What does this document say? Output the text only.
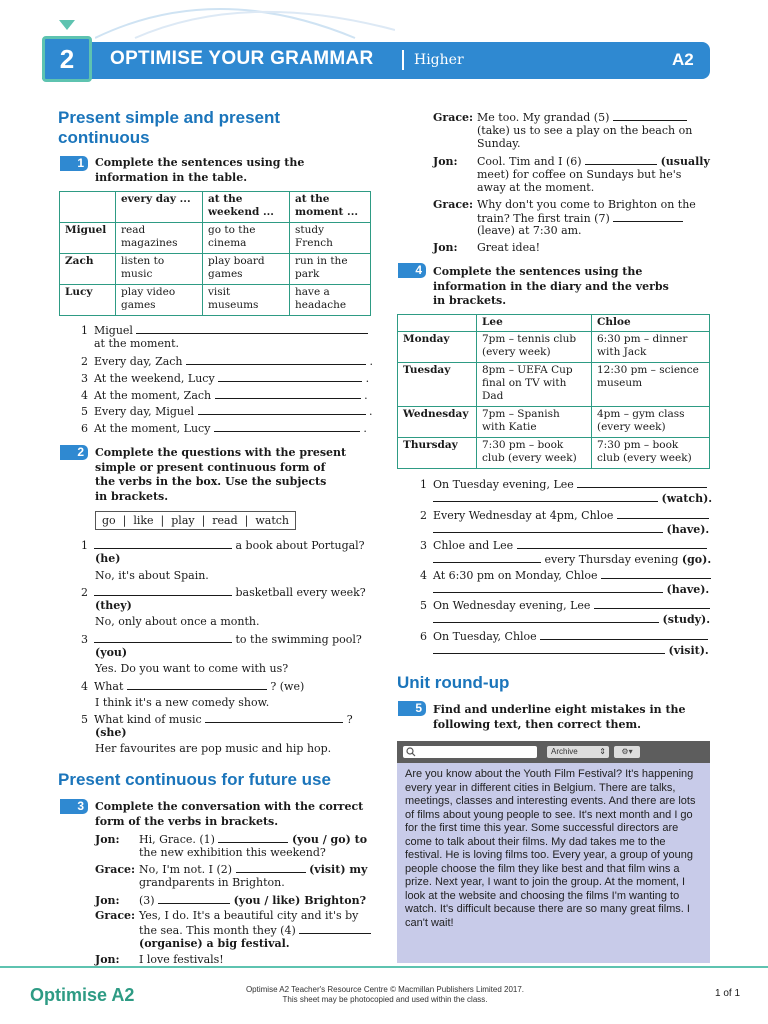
2	OPTIMISE YOUR GRAMMAR	Higher	A2
Present simple and present
continuous
1	Complete the sentences using the
information in the table.
	every day ...	at the weekend ...	at the moment ...
Miguel	read magazines	go to the cinema	study French
Zach	listen to music	play board games	run in the park
Lucy	play video games	visit museums	have a headache
1 Miguel
at the moment.
2 Every day, Zach	.
3 At the weekend, Lucy	.
4 At the moment, Zach	.
5 Every day, Miguel	.
6 At the moment, Lucy	.
2	Complete the questions with the present
simple or present continuous form of
the verbs in the box. Use the subjects
in brackets.
go  |  like  |  play  |  read  |  watch
1	a book about Portugal?
(he)
No, it's about Spain.
2	basketball every week?
(they)
No, only about once a month.
3	to the swimming pool?
(you)
Yes. Do you want to come with us?
4 What	? (we)
I think it's a new comedy show.
5 What kind of music	?
(she)
Her favourites are pop music and hip hop.
Present continuous for future use
3	Complete the conversation with the correct
form of the verbs in brackets.
Jon: Hi, Grace. (1)	(you / go) to
the new exhibition this weekend?
Grace: No, I'm not. I (2)	(visit) my
grandparents in Brighton.
Jon: (3)	(you / like) Brighton?
Grace: Yes, I do. It's a beautiful city and it's by
the sea. This month they (4)
(organise) a big festival.
Jon: I love festivals!
Grace: Me too. My grandad (5)
(take) us to see a play on the beach on
Sunday.
Jon: Cool. Tim and I (6)	(usually
meet) for coffee on Sundays but he's
away at the moment.
Grace: Why don't you come to Brighton on the
train? The first train (7)
(leave) at 7:30 am.
Jon: Great idea!
4	Complete the sentences using the
information in the diary and the verbs
in brackets.
	Lee	Chloe
Monday	7pm – tennis club (every week)	6:30 pm – dinner with Jack
Tuesday	8pm – UEFA Cup final on TV with Dad	12:30 pm – science museum
Wednesday	7pm – Spanish with Katie	4pm – gym class (every week)
Thursday	7:30 pm – book club (every week)	7:30 pm – book club (every week)
1 On Tuesday evening, Lee
(watch).
2 Every Wednesday at 4pm, Chloe
(have).
3 Chloe and Lee
every Thursday evening (go).
4 At 6:30 pm on Monday, Chloe
(have).
5 On Wednesday evening, Lee
(study).
6 On Tuesday, Chloe
(visit).
Unit round-up
5	Find and underline eight mistakes in the
following text, then correct them.
Archive	⇕	⚙▾
Are you know about the Youth Film Festival? It's happening every year in different cities in Belgium. There are talks, meetings, classes and interesting events. And there are lots of films about young people to see. It's next month and I go for the first time this year. Some successful directors are come to talk about their films. My dad takes me to the festival. He is loving films too. Every year, a group of young people choose the film they like best and that film wins a prize. Next year, I want to join the group. At the moment, I look at the website and choosing the films I'm wanting to watch. It's difficult because there are so many great films. I can't wait!
Optimise A2	Optimise A2 Teacher's Resource Centre © Macmillan Publishers Limited 2017.
This sheet may be photocopied and used within the class.
1 of 1
